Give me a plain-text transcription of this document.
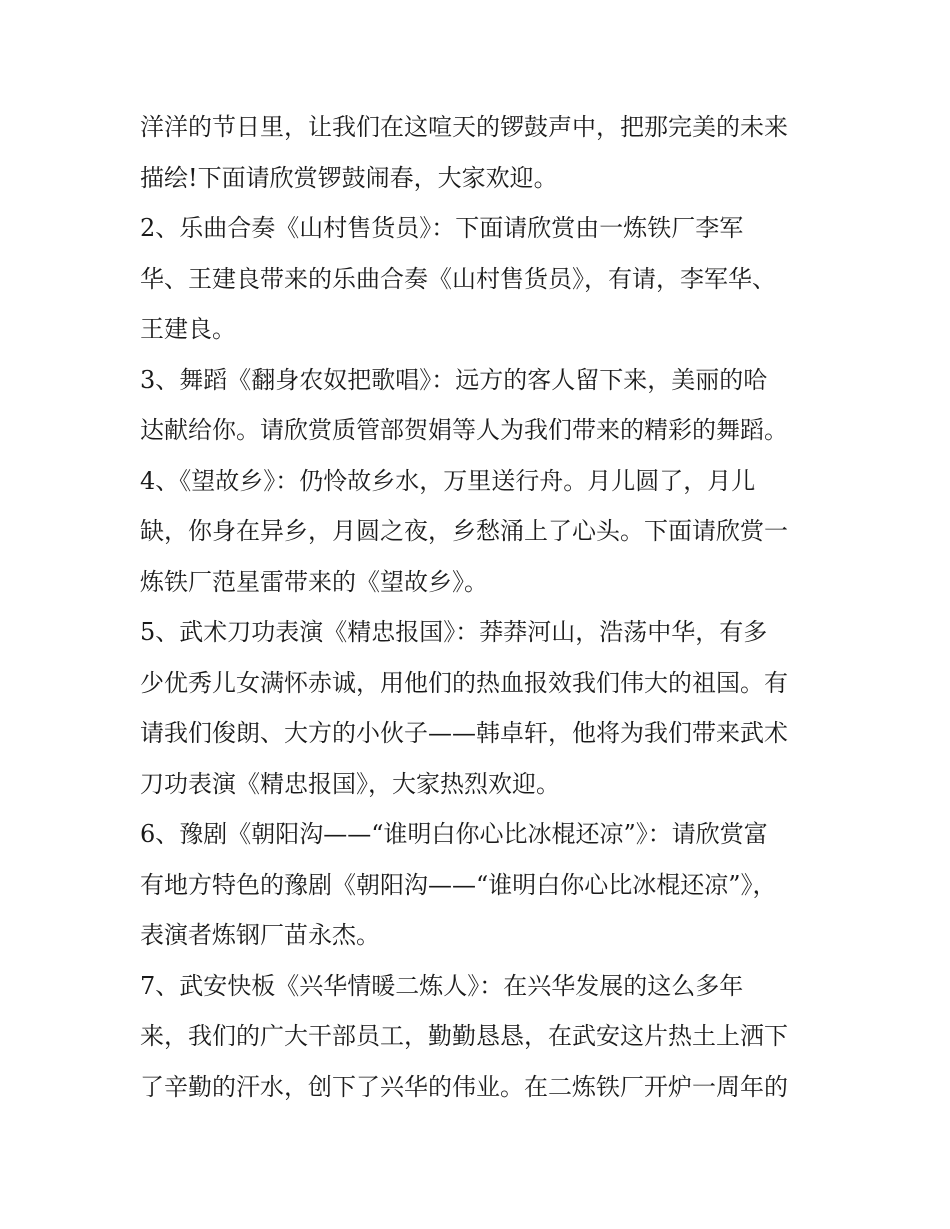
洋洋的节日里，让我们在这喧天的锣鼓声中，把那完美的未来
描绘!下面请欣赏锣鼓闹春，大家欢迎。
2、乐曲合奏《山村售货员》：下面请欣赏由一炼铁厂李军
华、王建良带来的乐曲合奏《山村售货员》，有请，李军华、
王建良。
3、舞蹈《翻身农奴把歌唱》：远方的客人留下来，美丽的哈
达献给你。请欣赏质管部贺娟等人为我们带来的精彩的舞蹈。
4、《望故乡》：仍怜故乡水，万里送行舟。月儿圆了，月儿
缺，你身在异乡，月圆之夜，乡愁涌上了心头。下面请欣赏一
炼铁厂范星雷带来的《望故乡》。
5、武术刀功表演《精忠报国》：莽莽河山，浩荡中华，有多
少优秀儿女满怀赤诚，用他们的热血报效我们伟大的祖国。有
请我们俊朗、大方的小伙子——韩卓轩，他将为我们带来武术
刀功表演《精忠报国》，大家热烈欢迎。
6、豫剧《朝阳沟——“谁明白你心比冰棍还凉”》：请欣赏富
有地方特色的豫剧《朝阳沟——“谁明白你心比冰棍还凉”》，
表演者炼钢厂苗永杰。
7、武安快板《兴华情暖二炼人》：在兴华发展的这么多年
来，我们的广大干部员工，勤勤恳恳，在武安这片热土上洒下
了辛勤的汗水，创下了兴华的伟业。在二炼铁厂开炉一周年的
